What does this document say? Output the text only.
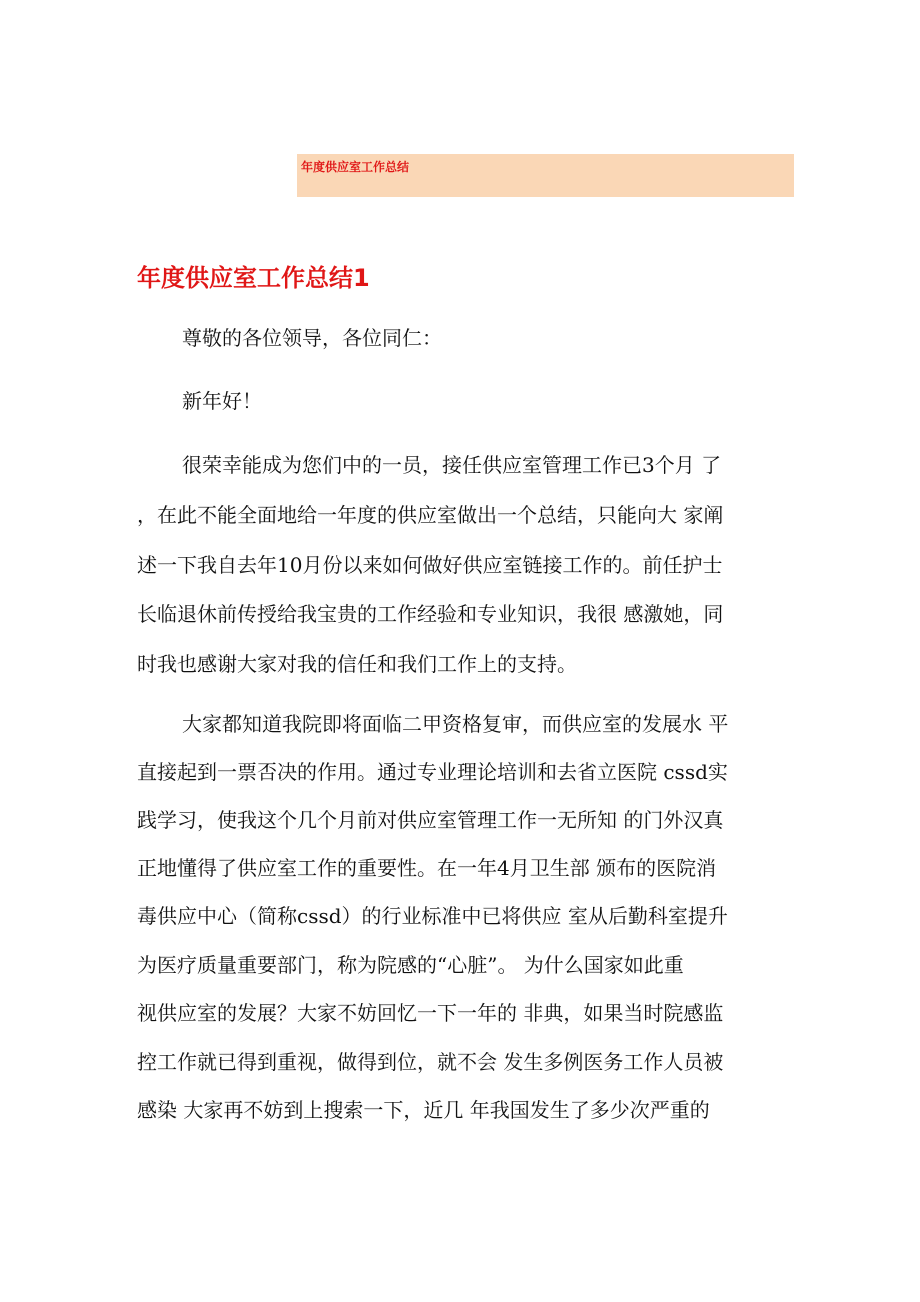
年度供应室工作总结
年度供应室工作总结1
尊敬的各位领导，各位同仁：
新年好！
很荣幸能成为您们中的一员，接任供应室管理工作已3个月 了
，在此不能全面地给一年度的供应室做出一个总结，只能向大 家阐
述一下我自去年10月份以来如何做好供应室链接工作的。前任护士
长临退休前传授给我宝贵的工作经验和专业知识，我很 感激她，同
时我也感谢大家对我的信任和我们工作上的支持。
大家都知道我院即将面临二甲资格复审，而供应室的发展水 平
直接起到一票否决的作用。通过专业理论培训和去省立医院 cssd实
践学习，使我这个几个月前对供应室管理工作一无所知 的门外汉真
正地懂得了供应室工作的重要性。在一年4月卫生部 颁布的医院消
毒供应中心（简称cssd）的行业标准中已将供应 室从后勤科室提升
为医疗质量重要部门，称为院感的“心脏”。 为什么国家如此重
视供应室的发展？大家不妨回忆一下一年的 非典，如果当时院感监
控工作就已得到重视，做得到位，就不会 发生多例医务工作人员被
感染 大家再不妨到上搜索一下，近几 年我国发生了多少次严重的
